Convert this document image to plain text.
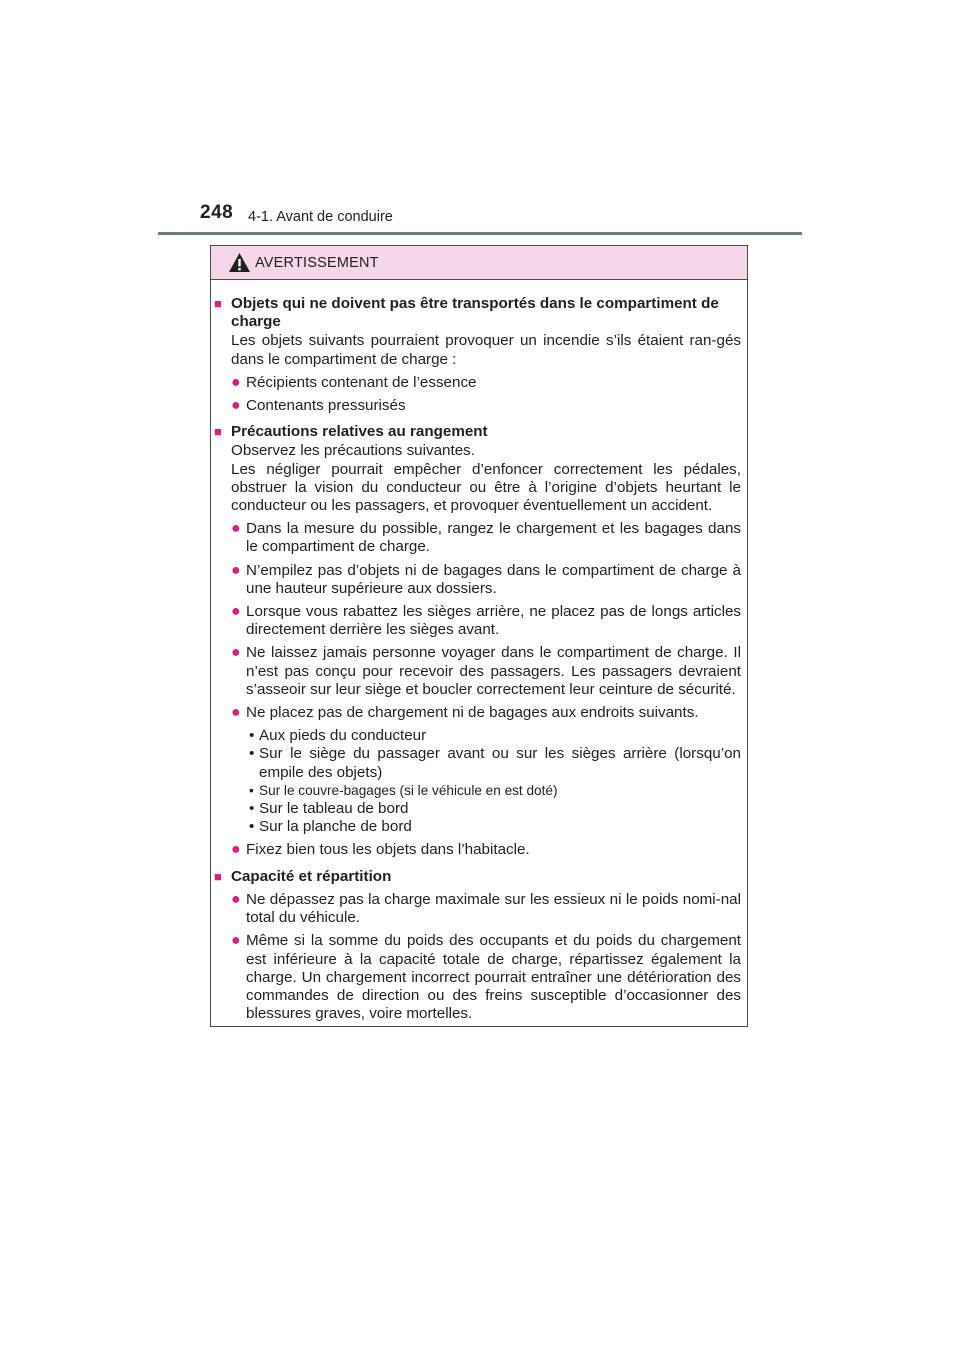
248 4-1. Avant de conduire
AVERTISSEMENT
■ Objets qui ne doivent pas être transportés dans le compartiment de charge
Les objets suivants pourraient provoquer un incendie s’ils étaient ran-gés dans le compartiment de charge :
● Récipients contenant de l’essence
● Contenants pressurisés
■ Précautions relatives au rangement
Observez les précautions suivantes.
Les négliger pourrait empêcher d’enfoncer correctement les pédales, obstruer la vision du conducteur ou être à l’origine d’objets heurtant le conducteur ou les passagers, et provoquer éventuellement un accident.
● Dans la mesure du possible, rangez le chargement et les bagages dans le compartiment de charge.
● N’empilez pas d’objets ni de bagages dans le compartiment de charge à une hauteur supérieure aux dossiers.
● Lorsque vous rabattez les sièges arrière, ne placez pas de longs articles directement derrière les sièges avant.
● Ne laissez jamais personne voyager dans le compartiment de charge. Il n’est pas conçu pour recevoir des passagers. Les passagers devraient s’asseoir sur leur siège et boucler correctement leur ceinture de sécurité.
● Ne placez pas de chargement ni de bagages aux endroits suivants.
• Aux pieds du conducteur
• Sur le siège du passager avant ou sur les sièges arrière (lorsqu’on empile des objets)
• Sur le couvre-bagages (si le véhicule en est doté)
• Sur le tableau de bord
• Sur la planche de bord
● Fixez bien tous les objets dans l’habitacle.
■ Capacité et répartition
● Ne dépassez pas la charge maximale sur les essieux ni le poids nomi-nal total du véhicule.
● Même si la somme du poids des occupants et du poids du chargement est inférieure à la capacité totale de charge, répartissez également la charge. Un chargement incorrect pourrait entraîner une détérioration des commandes de direction ou des freins susceptible d’occasionner des blessures graves, voire mortelles.
